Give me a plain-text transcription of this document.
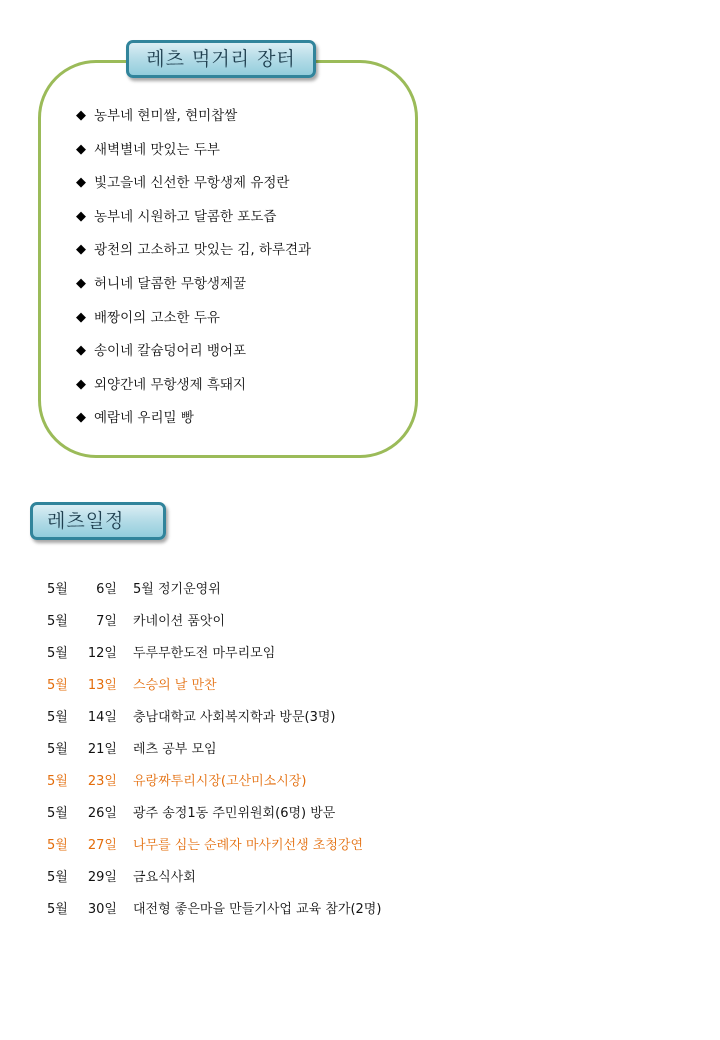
레츠 먹거리 장터
◆ 농부네 현미쌀, 현미찹쌀
◆ 새벽별네 맛있는 두부
◆ 빛고을네 신선한 무항생제 유정란
◆ 농부네 시원하고 달콤한 포도즙
◆ 광천의 고소하고 맛있는 김, 하루견과
◆ 허니네 달콤한 무항생제꿀
◆ 배짱이의 고소한 두유
◆ 송이네 칼슘덩어리 뱅어포
◆ 외양간네 무항생제 흑돼지
◆ 예람네 우리밀 빵
레츠일정
5월	6일 5월 정기운영위
5월	7일 카네이션 품앗이
5월 12일 두루무한도전 마무리모임
5월 13일 스승의 날 만찬
5월 14일 충남대학교 사회복지학과 방문(3명)
5월 21일 레츠 공부 모임
5월 23일 유랑짜투리시장(고산미소시장)
5월 26일 광주 송정1동 주민위원회(6명) 방문
5월 27일 나무를 심는 순례자 마사키선생 초청강연
5월 29일 금요식사회
5월 30일 대전형 좋은마을 만들기사업 교육 참가(2명)
